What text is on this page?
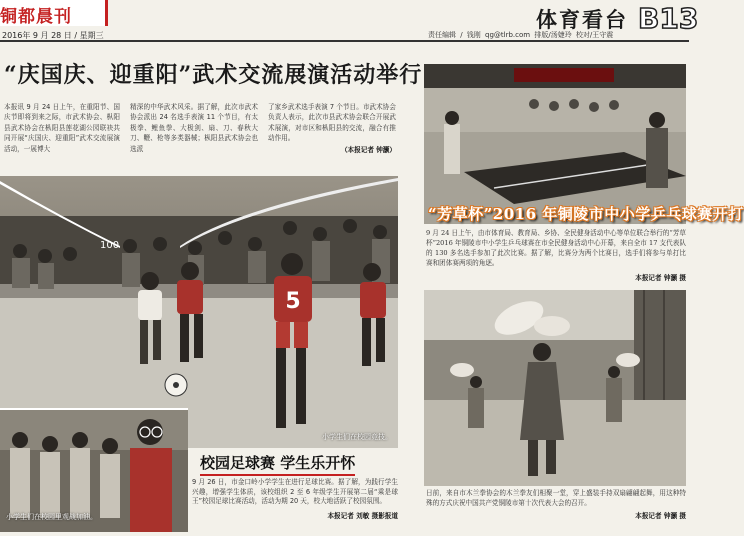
铜都晨刊
2016年 9 月 28 日 / 星期三
体育看台 B13
责任编辑 / 钱刚 qg@tlrb.com 排版/汤婕玲 校对/王守震
“庆国庆、迎重阳”武术交流展演活动举行
本报讯 9 月 24 日上午，在重阳节、国庆节即将到来之际，市武术协会、枞阳县武术协会在枞阳县莲花湖公园联袂共同开展“庆国庆、迎重阳”武术交流展演活动，一展博大
精深的中华武术风采。据了解，此次市武术协会派出 24 名选手表演 11 个节目，有太极拳、鲤鱼拳、大极剑、扇、刀、春秋大刀、鞭、枪等多类器械；枞阳县武术协会也选派
了家乡武术选手表演 7 个节目。市武术协会负责人表示，此次市县武术协会联合开展武术展演，对市区和枞阳县的交流，融合有推动作用。
（本报记者 钟灏）
5
100
小学生们在校园竞技。
小学生们在校园里观战加油。
校园足球赛 学生乐开怀
9 月 26 日，市金口岭小学学生在进行足球比赛。据了解，为践行学生兴趣，增强学生体质，该校组织 2 至 6 年级学生开展第二届“乘是球王”校园足球比赛活动，活动为期 20 天，校大地活跃了校园氛围。
本报记者 刘敏 摄影报道
“芳草杯”2016 年铜陵市中小学乒乓球赛开打
9 月 24 日上午，由市体育局、教育局、乡协、全民健身活动中心等单位联合举行的“芳草杯”2016 年铜陵市中小学生乒乓球赛在市全民健身活动中心开幕，来自全市 17 支代表队的 130 多名选手参加了此次比赛。据了解，比赛分为两个比赛日，选手们将参与单打比赛和团体赛两项的角逐。
本报记者 钟灏 摄
日前，来自市木兰拳协会的木兰拳友们相聚一堂，穿上盛装手持双扇翩翩起舞，用这种特殊的方式庆祝中国共产党铜陵市第十次代表大会的召开。
本报记者 钟灏 摄
